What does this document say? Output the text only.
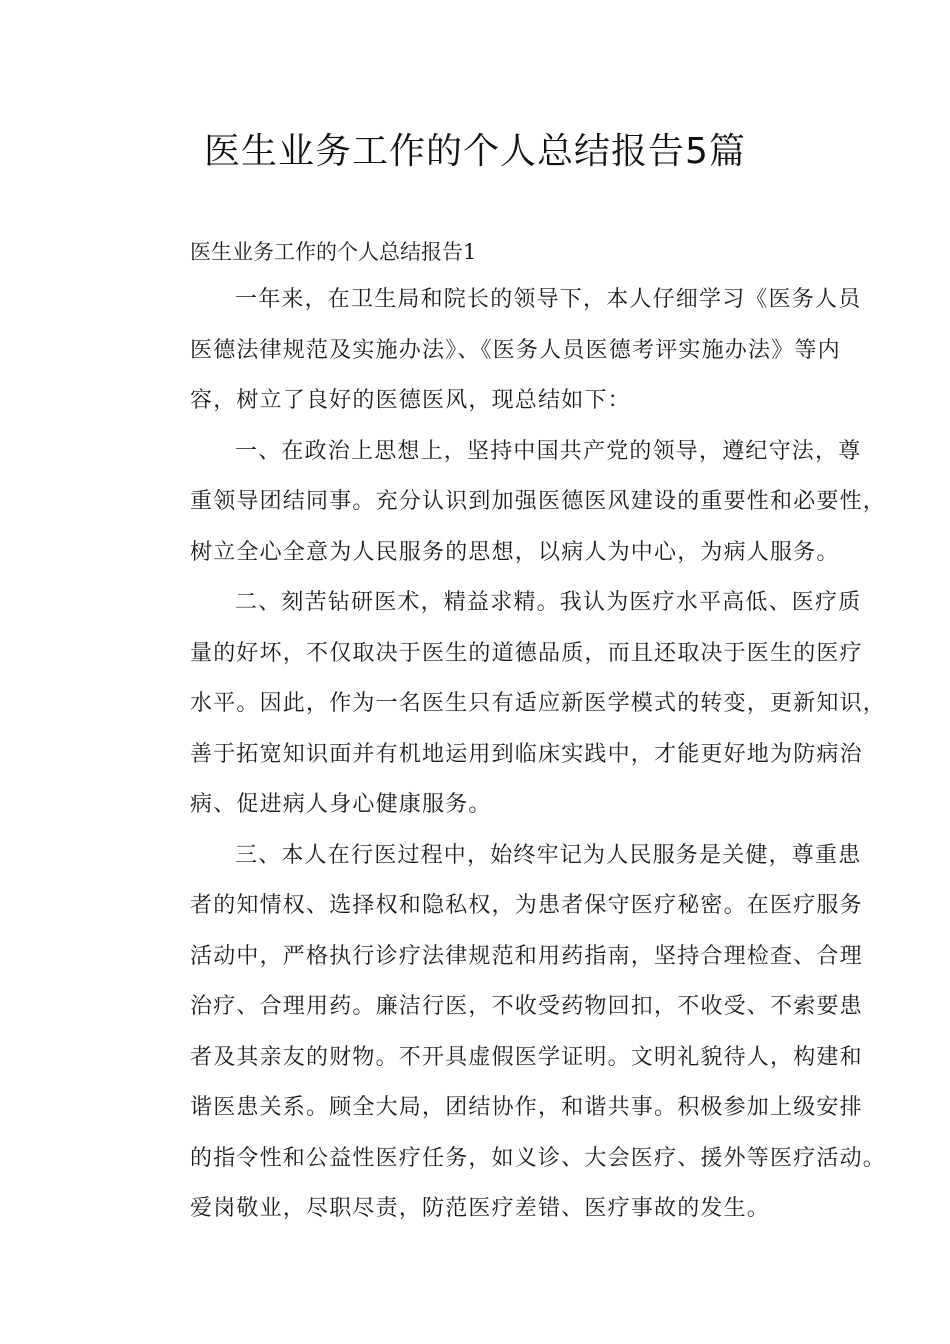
医生业务工作的个人总结报告5篇
医生业务工作的个人总结报告1
一年来，在卫生局和院长的领导下，本人仔细学习《医务人员
医德法律规范及实施办法》、《医务人员医德考评实施办法》等内
容，树立了良好的医德医风，现总结如下：
一、在政治上思想上，坚持中国共产党的领导，遵纪守法，尊
重领导团结同事。充分认识到加强医德医风建设的重要性和必要性，
树立全心全意为人民服务的思想，以病人为中心，为病人服务。
二、刻苦钻研医术，精益求精。我认为医疗水平高低、医疗质
量的好坏，不仅取决于医生的道德品质，而且还取决于医生的医疗
水平。因此，作为一名医生只有适应新医学模式的转变，更新知识，
善于拓宽知识面并有机地运用到临床实践中，才能更好地为防病治
病、促进病人身心健康服务。
三、本人在行医过程中，始终牢记为人民服务是关健，尊重患
者的知情权、选择权和隐私权，为患者保守医疗秘密。在医疗服务
活动中，严格执行诊疗法律规范和用药指南，坚持合理检查、合理
治疗、合理用药。廉洁行医，不收受药物回扣，不收受、不索要患
者及其亲友的财物。不开具虚假医学证明。文明礼貌待人，构建和
谐医患关系。顾全大局，团结协作，和谐共事。积极参加上级安排
的指令性和公益性医疗任务，如义诊、大会医疗、援外等医疗活动。
爱岗敬业，尽职尽责，防范医疗差错、医疗事故的发生。
